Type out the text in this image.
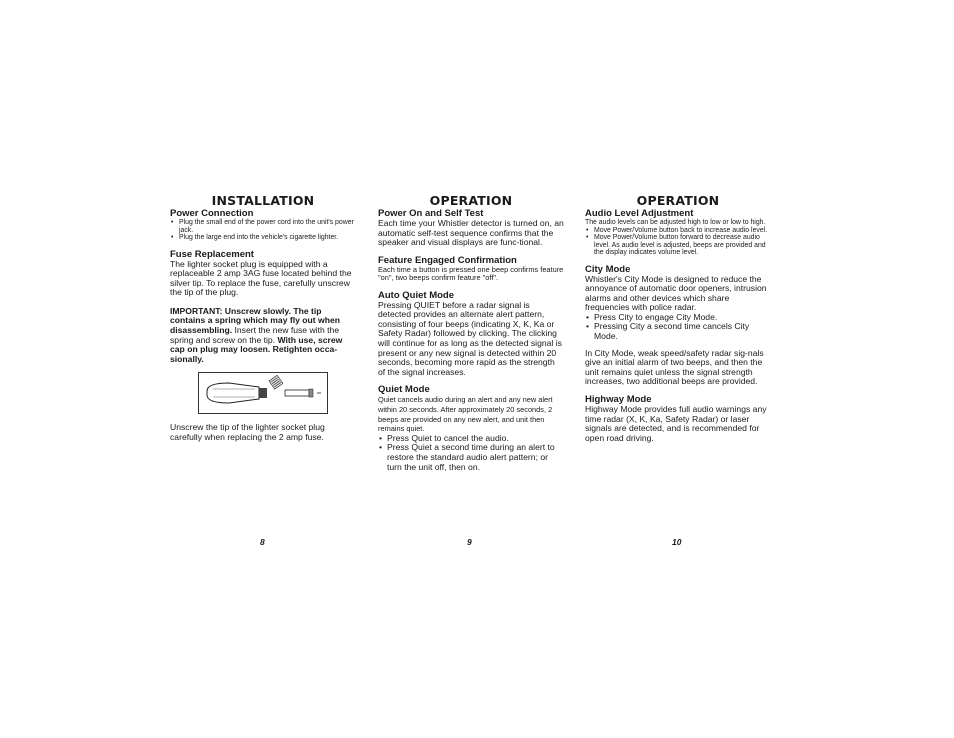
INSTALLATION
Power Connection
• Plug the small end of the power cord into the unit's power jack.
• Plug the large end into the vehicle's cigarette lighter.
Fuse Replacement

The lighter socket plug is equipped with a replaceable 2 amp 3AG fuse located behind the silver tip. To replace the fuse, carefully unscrew the tip of the plug.

IMPORTANT: Unscrew slowly. The tip contains a spring which may fly out when disassembling. Insert the new fuse with the spring and screw on the tip. With use, screw cap on plug may loosen. Retighten occa-sionally.

Unscrew the tip of the lighter socket plug carefully when replacing the 2 amp fuse.

OPERATION
Power On and Self Test

Each time your Whistler detector is turned on, an automatic self-test sequence confirms that the speaker and visual displays are func-tional.

Feature Engaged Confirmation

Each time a button is pressed one beep confirms feature "on", two beeps confirm feature "off".

Auto Quiet Mode

Pressing QUIET before a radar signal is detected provides an alternate alert pattern, consisting of four beeps (indicating X, K, Ka or Safety Radar) followed by clicking. The clicking will continue for as long as the detected signal is present or any new signal is detected within 20 seconds, becoming more rapid as the strength of the signal increases.

Quiet Mode

Quiet cancels audio during an alert and any new alert within 20 seconds. After approximately 20 seconds, 2 beeps are provided on any new alert, and unit then remains quiet.

• Press Quiet to cancel the audio.
• Press Quiet a second time during an alert to restore the standard audio alert pattern; or turn the unit off, then on.
OPERATION
Audio Level Adjustment

The audio levels can be adjusted high to low or low to high.

• Move Power/Volume button back to increase audio level.
• Move Power/Volume button forward to decrease audio level. As audio level is adjusted, beeps are provided and the display indicates volume level.
City Mode

Whistler's City Mode is designed to reduce the annoyance of automatic door openers, intrusion alarms and other devices which share frequencies with police radar.

• Press City to engage City Mode.
• Pressing City a second time cancels City Mode.

In City Mode, weak speed/safety radar sig-nals give an initial alarm of two beeps, and then the unit remains quiet unless the signal strength increases, two additional beeps are provided.

Highway Mode

Highway Mode provides full audio warnings any time radar (X, K, Ka, Safety Radar) or laser signals are detected, and is recommended for open road driving.

8	9	10
